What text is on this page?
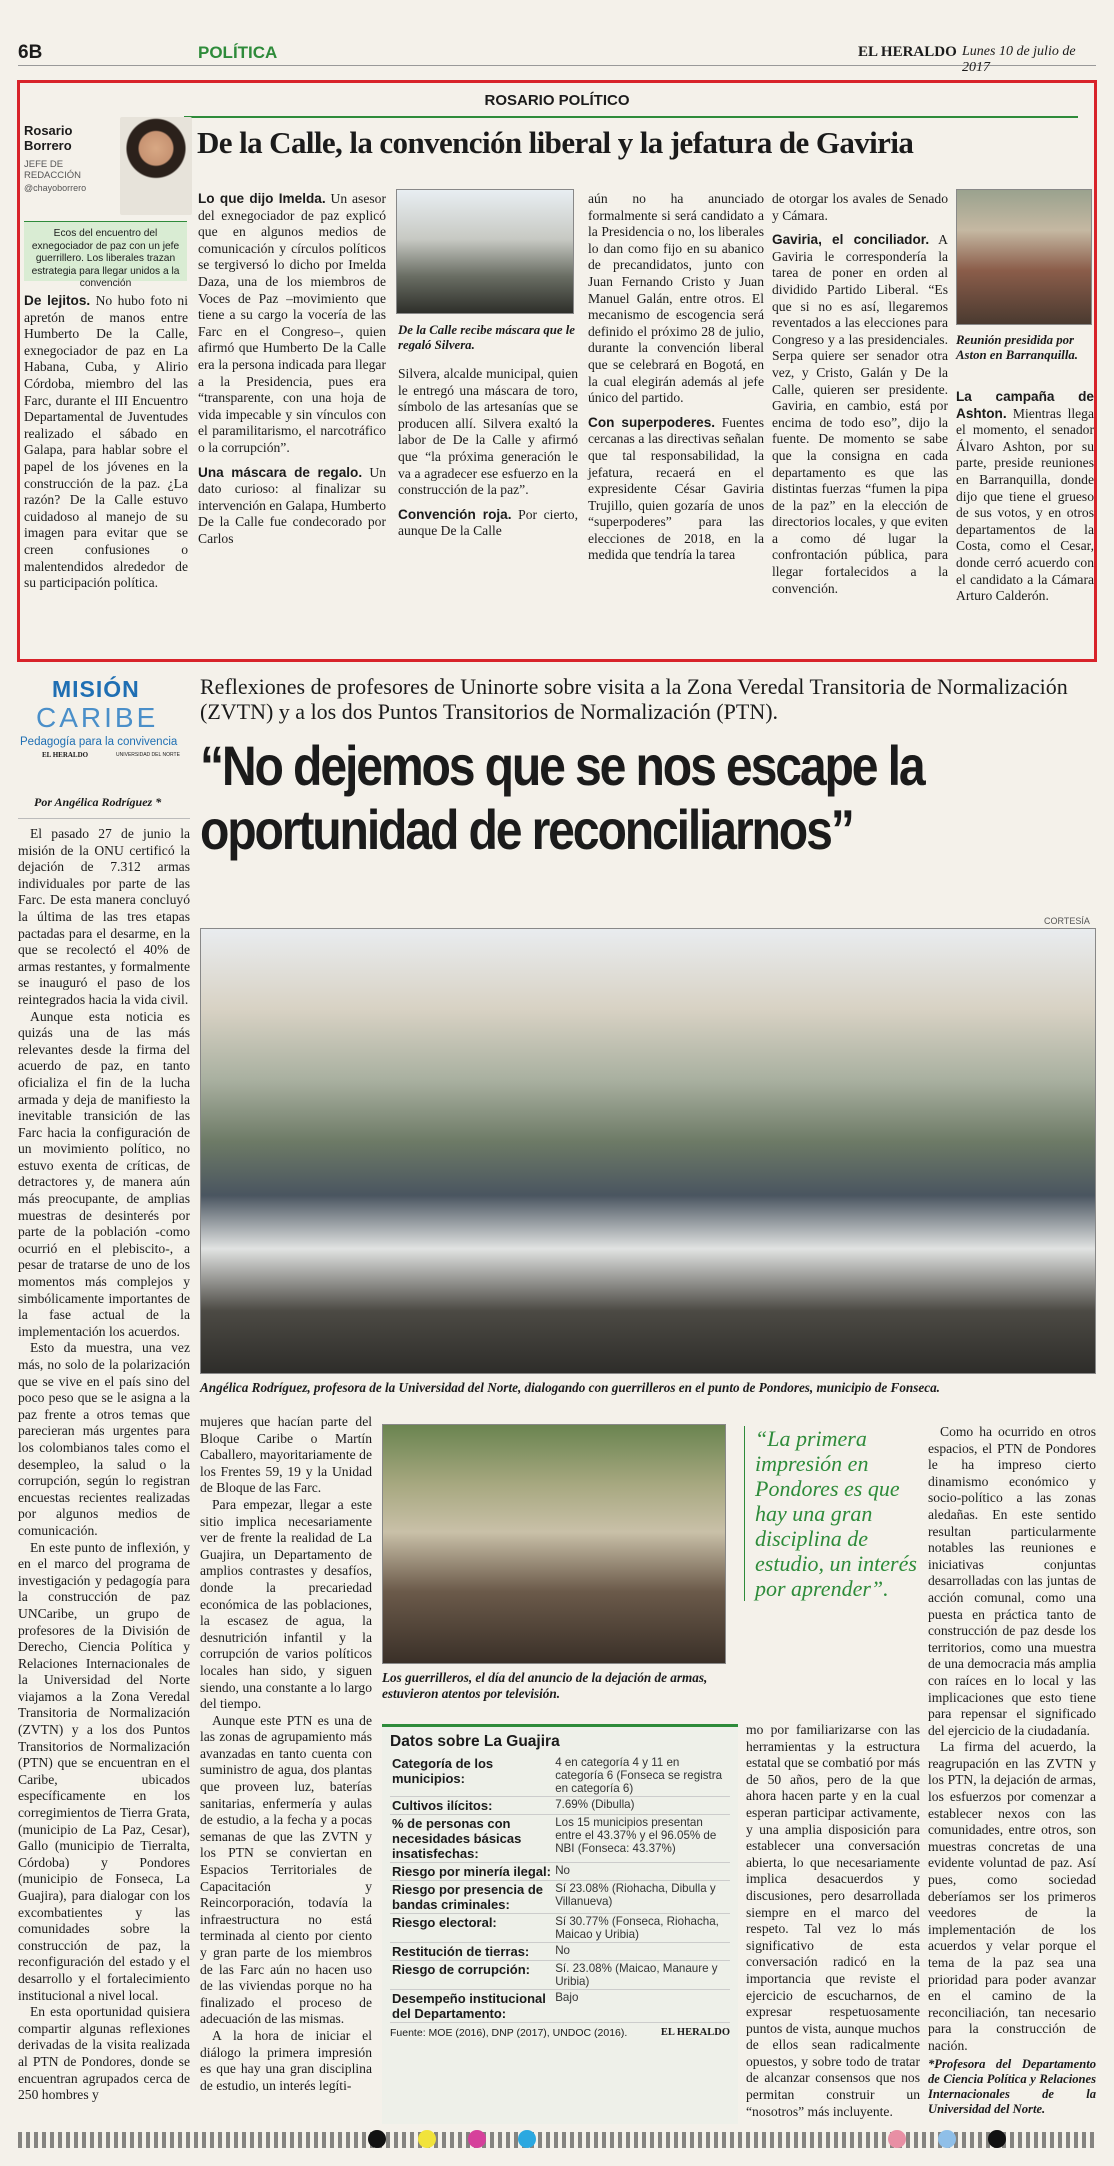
6B	POLÍTICA	EL HERALDO Lunes 10 de julio de 2017
ROSARIO POLÍTICO
Rosario Borrero
JEFE DE REDACCIÓN
@chayoborrero
De la Calle, la convención liberal y la jefatura de Gaviria
Ecos del encuentro del exnegociador de paz con un jefe guerrillero. Los liberales trazan estrategia para llegar unidos a la convención

De lejitos. No hubo foto ni apretón de manos entre Humberto De la Calle, exnegociador de paz en La Habana, Cuba, y Alirio Córdoba, miembro del las Farc, durante el III Encuentro Departamental de Juventudes realizado el sábado en Galapa, para hablar sobre el papel de los jóvenes en la construcción de la paz. ¿La razón? De la Calle estuvo cuidadoso al manejo de su imagen para evitar que se creen confusiones o malentendidos alrededor de su participación política.

Lo que dijo Imelda. Un asesor del exnegociador de paz explicó que en algunos medios de comunicación y círculos políticos se tergiversó lo dicho por Imelda Daza, una de los miembros de Voces de Paz –movimiento que tiene a su cargo la vocería de las Farc en el Congreso–, quien afirmó que Humberto De la Calle era la persona indicada para llegar a la Presidencia, pues era “transparente, con una hoja de vida impecable y sin vínculos con el paramilitarismo, el narcotráfico o la corrupción”.

Una máscara de regalo. Un dato curioso: al finalizar su intervención en Galapa, Humberto De la Calle fue condecorado por Carlos

De la Calle recibe máscara que le regaló Silvera.

Silvera, alcalde municipal, quien le entregó una máscara de toro, símbolo de las artesanías que se producen allí. Silvera exaltó la labor de De la Calle y afirmó que “la próxima generación le va a agradecer ese esfuerzo en la construcción de la paz”.

Convención roja. Por cierto, aunque De la Calle

aún no ha anunciado formalmente si será candidato a la Presidencia o no, los liberales lo dan como fijo en su abanico de precandidatos, junto con Juan Fernando Cristo y Juan Manuel Galán, entre otros. El mecanismo de escogencia será definido el próximo 28 de julio, durante la convención liberal que se celebrará en Bogotá, en la cual elegirán además al jefe único del partido.

Con superpoderes. Fuentes cercanas a las directivas señalan que tal responsabilidad, la jefatura, recaerá en el expresidente César Gaviria Trujillo, quien gozaría de unos “superpoderes” para las elecciones de 2018, en la medida que tendría la tarea

de otorgar los avales de Senado y Cámara.

Gaviria, el conciliador. A Gaviria le correspondería la tarea de poner en orden al dividido Partido Liberal. “Es que si no es así, llegaremos reventados a las elecciones para Congreso y a las presidenciales. Serpa quiere ser senador otra vez, y Cristo, Galán y De la Calle, quieren ser presidente. Gaviria, en cambio, está por encima de todo eso”, dijo la fuente. De momento se sabe que la consigna en cada departamento es que las distintas fuerzas “fumen la pipa de la paz” en la elección de directorios locales, y que eviten a como dé lugar la confrontación pública, para llegar fortalecidos a la convención.

Reunión presidida por Aston en Barranquilla.

La campaña de Ashton. Mientras llega el momento, el senador Álvaro Ashton, por su parte, preside reuniones en Barranquilla, donde dijo que tiene el grueso de sus votos, y en otros departamentos de la Costa, como el Cesar, donde cerró acuerdo con el candidato a la Cámara Arturo Calderón.

MISIÓN
CARIBE
Pedagogía para la convivencia
EL HERALDO	UNIVERSIDAD DEL NORTE
Reflexiones de profesores de Uninorte sobre visita a la Zona Veredal Transitoria de Normalización (ZVTN) y a los dos Puntos Transitorios de Normalización (PTN).
“No dejemos que se nos escape la oportunidad de reconciliarnos”
Por Angélica Rodríguez *

El pasado 27 de junio la misión de la ONU certificó la dejación de 7.312 armas individuales por parte de las Farc. De esta manera concluyó la última de las tres etapas pactadas para el desarme, en la que se recolectó el 40% de armas restantes, y formalmente se inauguró el paso de los reintegrados hacia la vida civil.

Aunque esta noticia es quizás una de las más relevantes desde la firma del acuerdo de paz, en tanto oficializa el fin de la lucha armada y deja de manifiesto la inevitable transición de las Farc hacia la configuración de un movimiento político, no estuvo exenta de críticas, de detractores y, de manera aún más preocupante, de amplias muestras de desinterés por parte de la población -como ocurrió en el plebiscito-, a pesar de tratarse de uno de los momentos más complejos y simbólicamente importantes de la fase actual de la implementación los acuerdos.

Esto da muestra, una vez más, no solo de la polarización que se vive en el país sino del poco peso que se le asigna a la paz frente a otros temas que parecieran más urgentes para los colombianos tales como el desempleo, la salud o la corrupción, según lo registran encuestas recientes realizadas por algunos medios de comunicación.

En este punto de inflexión, y en el marco del programa de investigación y pedagogía para la construcción de paz UNCaribe, un grupo de profesores de la División de Derecho, Ciencia Política y Relaciones Internacionales de la Universidad del Norte viajamos a la Zona Veredal Transitoria de Normalización (ZVTN) y a los dos Puntos Transitorios de Normalización (PTN) que se encuentran en el Caribe, ubicados específicamente en los corregimientos de Tierra Grata, (municipio de La Paz, Cesar), Gallo (municipio de Tierralta, Córdoba) y Pondores (municipio de Fonseca, La Guajira), para dialogar con los excombatientes y las comunidades sobre la construcción de paz, la reconfiguración del estado y el desarrollo y el fortalecimiento institucional a nivel local.

En esta oportunidad quisiera compartir algunas reflexiones derivadas de la visita realizada al PTN de Pondores, donde se encuentran agrupados cerca de 250 hombres y

CORTESÍA
Angélica Rodríguez, profesora de la Universidad del Norte, dialogando con guerrilleros en el punto de Pondores, municipio de Fonseca.

mujeres que hacían parte del Bloque Caribe o Martín Caballero, mayoritariamente de los Frentes 59, 19 y la Unidad de Bloque de las Farc.

Para empezar, llegar a este sitio implica necesariamente ver de frente la realidad de La Guajira, un Departamento de amplios contrastes y desafíos, donde la precariedad económica de las poblaciones, la escasez de agua, la desnutrición infantil y la corrupción de varios políticos locales han sido, y siguen siendo, una constante a lo largo del tiempo.

Aunque este PTN es una de las zonas de agrupamiento más avanzadas en tanto cuenta con suministro de agua, dos plantas que proveen luz, baterías sanitarias, enfermería y aulas de estudio, a la fecha y a pocas semanas de que las ZVTN y los PTN se conviertan en Espacios Territoriales de Capacitación y Reincorporación, todavía la infraestructura no está terminada al ciento por ciento y gran parte de los miembros de las Farc aún no hacen uso de las viviendas porque no ha finalizado el proceso de adecuación de las mismas.

A la hora de iniciar el diálogo la primera impresión es que hay una gran disciplina de estudio, un interés legíti-

Los guerrilleros, el día del anuncio de la dejación de armas, estuvieron atentos por televisión.
“La primera impresión en Pondores es que hay una gran disciplina de estudio, un interés por aprender”.

Como ha ocurrido en otros espacios, el PTN de Pondores le ha impreso cierto dinamismo económico y socio-político a las zonas aledañas. En este sentido resultan particularmente notables las reuniones e iniciativas conjuntas desarrolladas con las juntas de acción comunal, como una puesta en práctica tanto de construcción de paz desde los territorios, como una muestra de una democracia más amplia con raíces en lo local y las implicaciones que esto tiene para repensar el significado del ejercicio de la ciudadanía.

La firma del acuerdo, la reagrupación en las ZVTN y los PTN, la dejación de armas, los esfuerzos por comenzar a establecer nexos con las comunidades, entre otros, son muestras concretas de una evidente voluntad de paz. Así pues, como sociedad deberíamos ser los primeros veedores de la implementación de los acuerdos y velar porque el tema de la paz sea una prioridad para poder avanzar en el camino de la reconciliación, tan necesario para la construcción de nación.

*Profesora del Departamento de Ciencia Política y Relaciones Internacionales de la Universidad del Norte.

Datos sobre La Guajira
Categoría de los municipios:	4 en categoría 4 y 11 en categoría 6 (Fonseca se registra en categoría 6)
Cultivos ilícitos:	7.69% (Dibulla)
% de personas con necesidades básicas insatisfechas:	Los 15 municipios presentan entre el 43.37% y el 96.05% de NBI (Fonseca: 43.37%)
Riesgo por minería ilegal:	No
Riesgo por presencia de bandas criminales:	Sí 23.08% (Riohacha, Dibulla y Villanueva)
Riesgo electoral:	Sí 30.77% (Fonseca, Riohacha, Maicao y Uribia)
Restitución de tierras:	No
Riesgo de corrupción:	Sí. 23.08% (Maicao, Manaure y Uribia)
Desempeño institucional del Departamento:	Bajo
Fuente: MOE (2016), DNP (2017), UNDOC (2016).	EL HERALDO

mo por familiarizarse con las herramientas y la estructura estatal que se combatió por más de 50 años, pero de la que ahora hacen parte y en la cual esperan participar activamente, y una amplia disposición para establecer una conversación abierta, lo que necesariamente implica desacuerdos y discusiones, pero desarrollada siempre en el marco del respeto. Tal vez lo más significativo de esta conversación radicó en la importancia que reviste el ejercicio de escucharnos, de expresar respetuosamente puntos de vista, aunque muchos de ellos sean radicalmente opuestos, y sobre todo de tratar de alcanzar consensos que nos permitan construir un “nosotros” más incluyente.
